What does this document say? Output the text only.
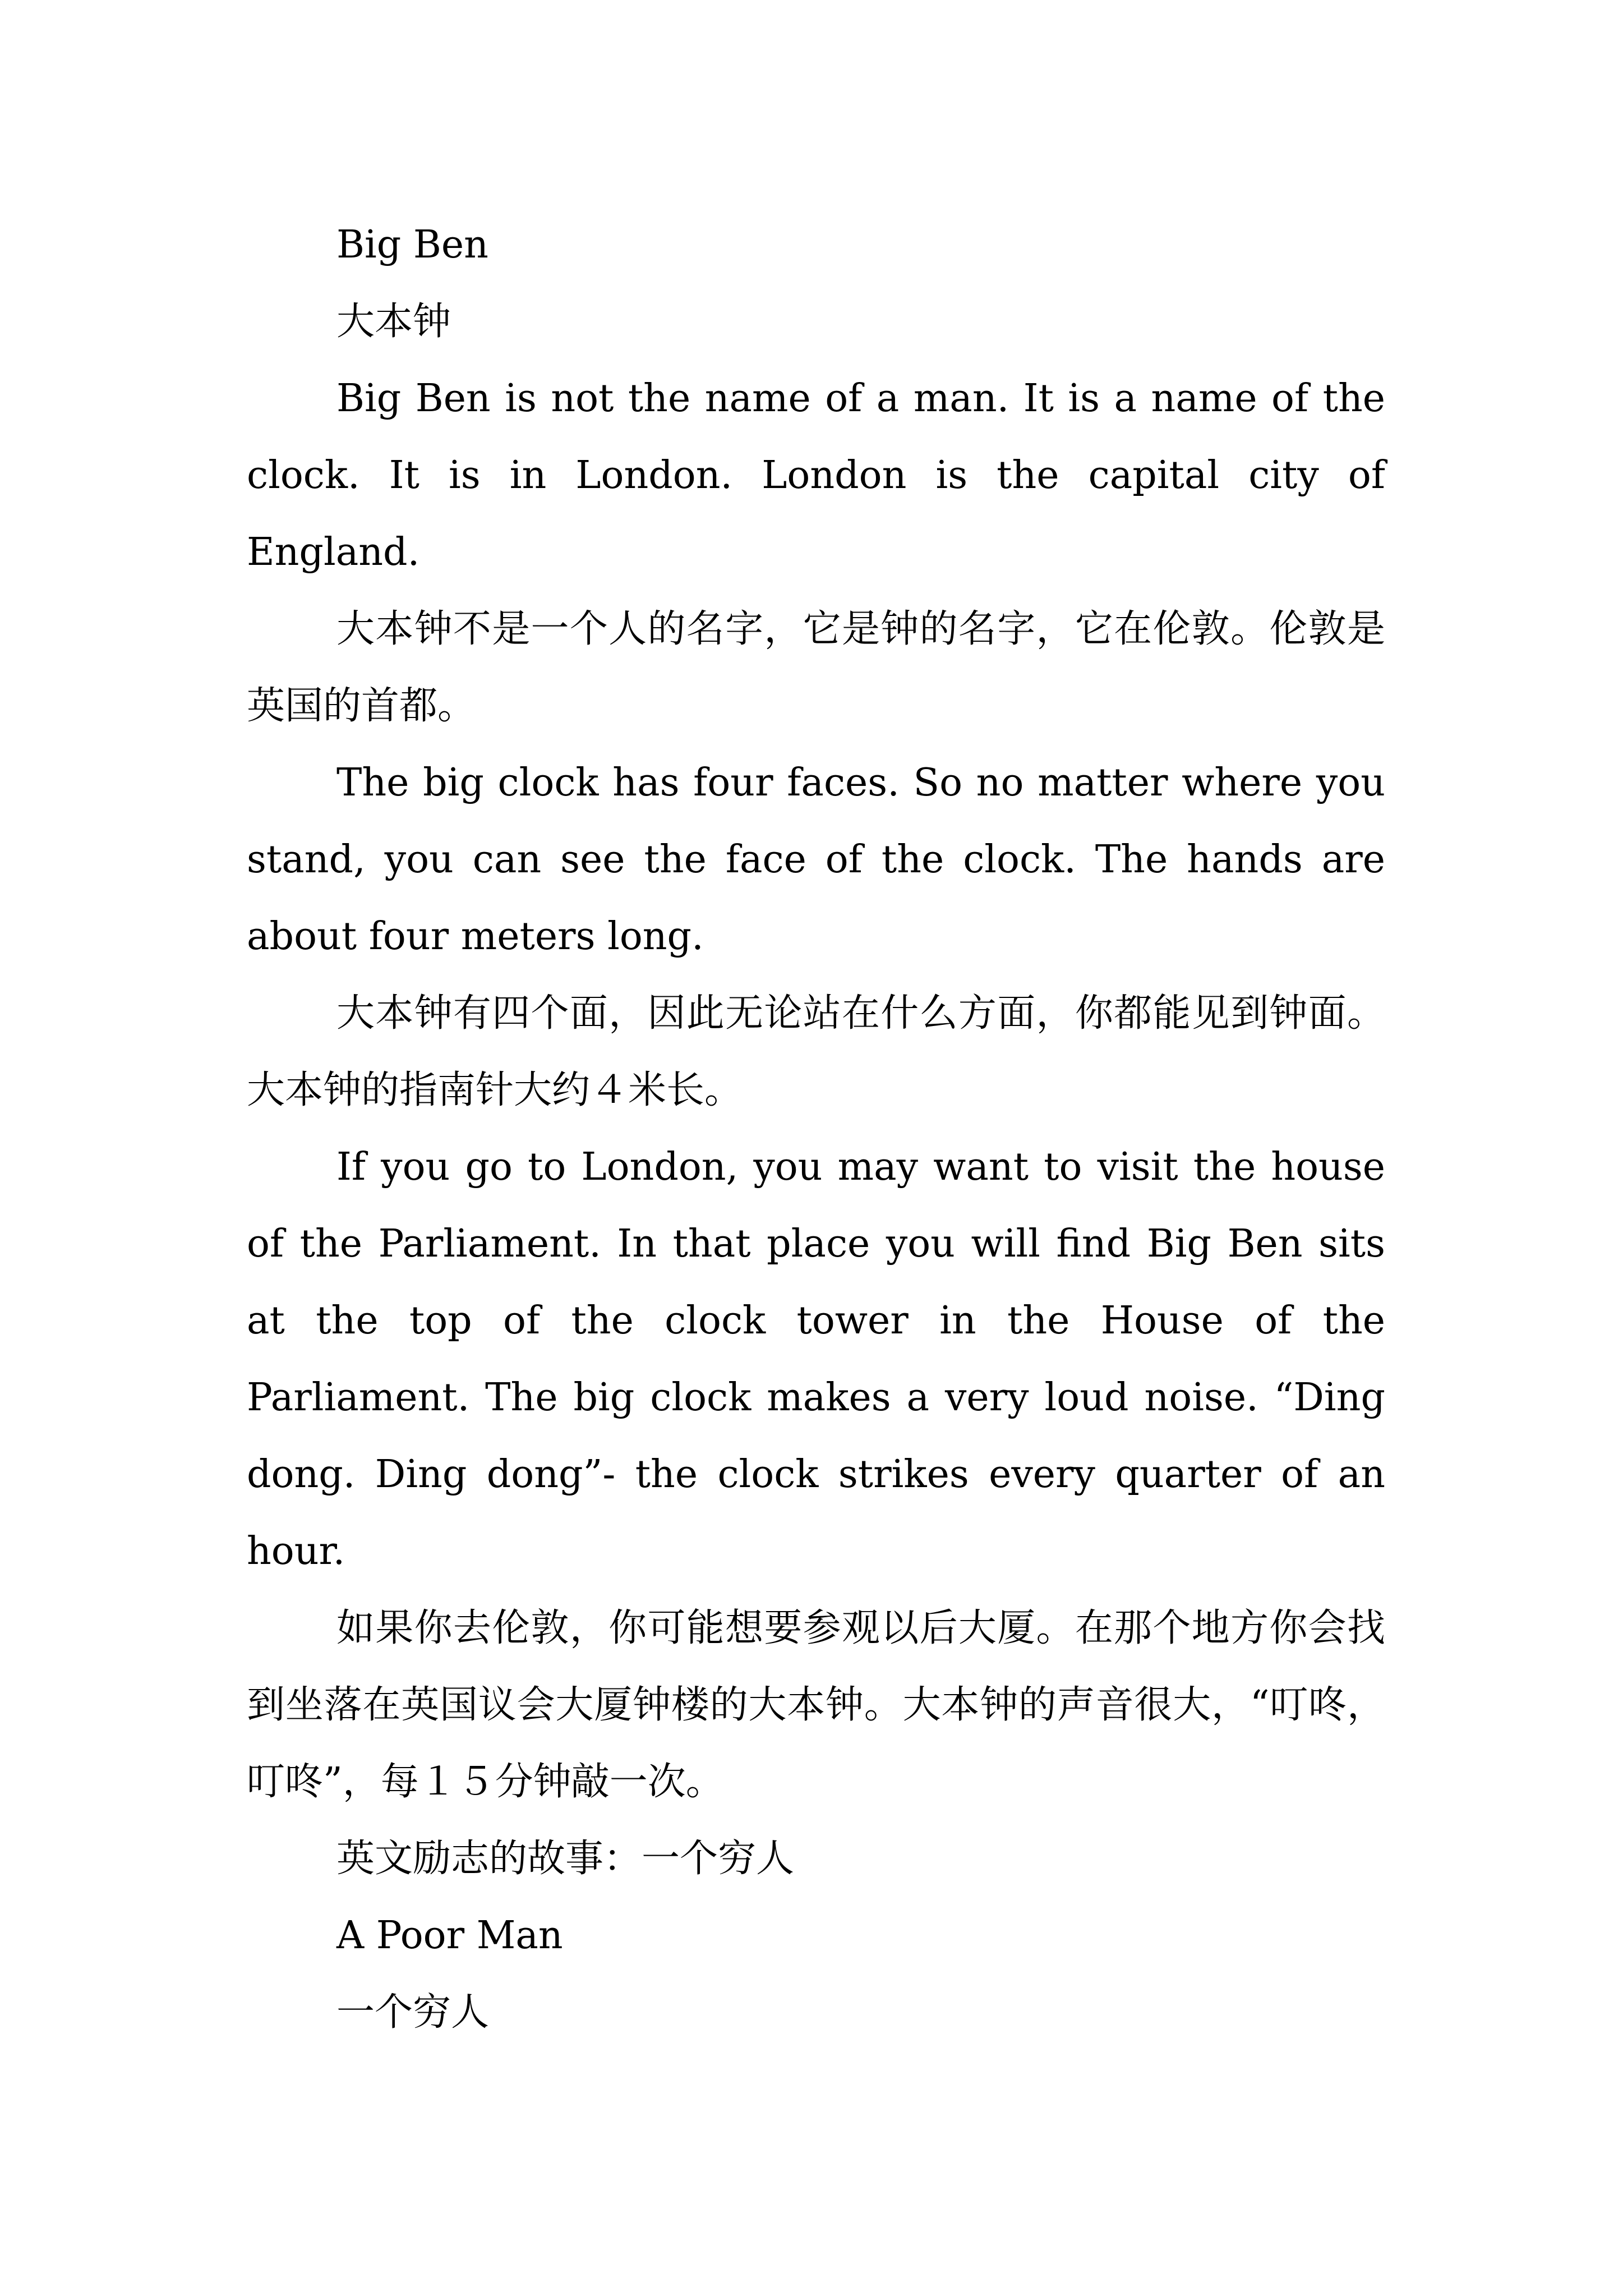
Big Ben
大本钟
Big Ben is not the name of a man. It is a name of the clock. It is in London. London is the capital city of England.
大本钟不是一个人的名字，它是钟的名字，它在伦敦。伦敦是英国的首都。
The big clock has four faces. So no matter where you stand, you can see the face of the clock. The hands are about four meters long.
大本钟有四个面，因此无论站在什么方面，你都能见到钟面。大本钟的指南针大约４米长。
If you go to London, you may want to visit the house of the Parliament. In that place you will find Big Ben sits at the top of the clock tower in the House of the Parliament. The big clock makes a very loud noise. “Ding dong. Ding dong”- the clock strikes every quarter of an hour.
如果你去伦敦，你可能想要参观以后大厦。在那个地方你会找到坐落在英国议会大厦钟楼的大本钟。大本钟的声音很大，“叮咚，叮咚”，每１５分钟敲一次。
英文励志的故事：一个穷人
A Poor Man
一个穷人
